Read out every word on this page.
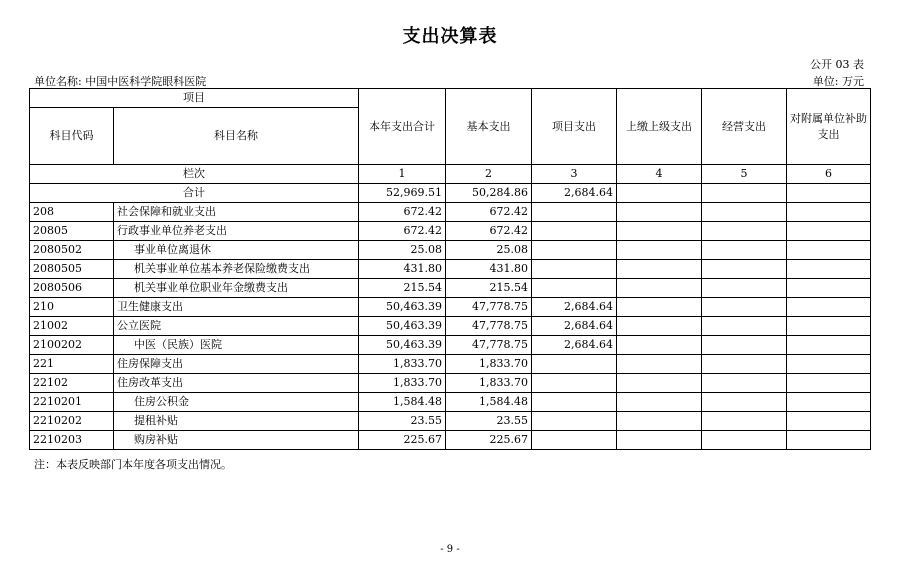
支出决算表
公开 03 表
单位名称: 中国中医科学院眼科医院	单位: 万元
项目		本年支出合计	基本支出	项目支出	上缴上级支出	经营支出	对附属单位补助支出
科目代码	科目名称						
栏次		1	2	3	4	5	6
合计		52,969.51	50,284.86	2,684.64			
208	社会保障和就业支出	672.42	672.42				
20805	行政事业单位养老支出	672.42	672.42				
2080502	事业单位离退休	25.08	25.08				
2080505	机关事业单位基本养老保险缴费支出	431.80	431.80				
2080506	机关事业单位职业年金缴费支出	215.54	215.54				
210	卫生健康支出	50,463.39	47,778.75	2,684.64			
21002	公立医院	50,463.39	47,778.75	2,684.64			
2100202	中医（民族）医院	50,463.39	47,778.75	2,684.64			
221	住房保障支出	1,833.70	1,833.70				
22102	住房改革支出	1,833.70	1,833.70				
2210201	住房公积金	1,584.48	1,584.48				
2210202	提租补贴	23.55	23.55				
2210203	购房补贴	225.67	225.67				
注：本表反映部门本年度各项支出情况。
- 9 -
